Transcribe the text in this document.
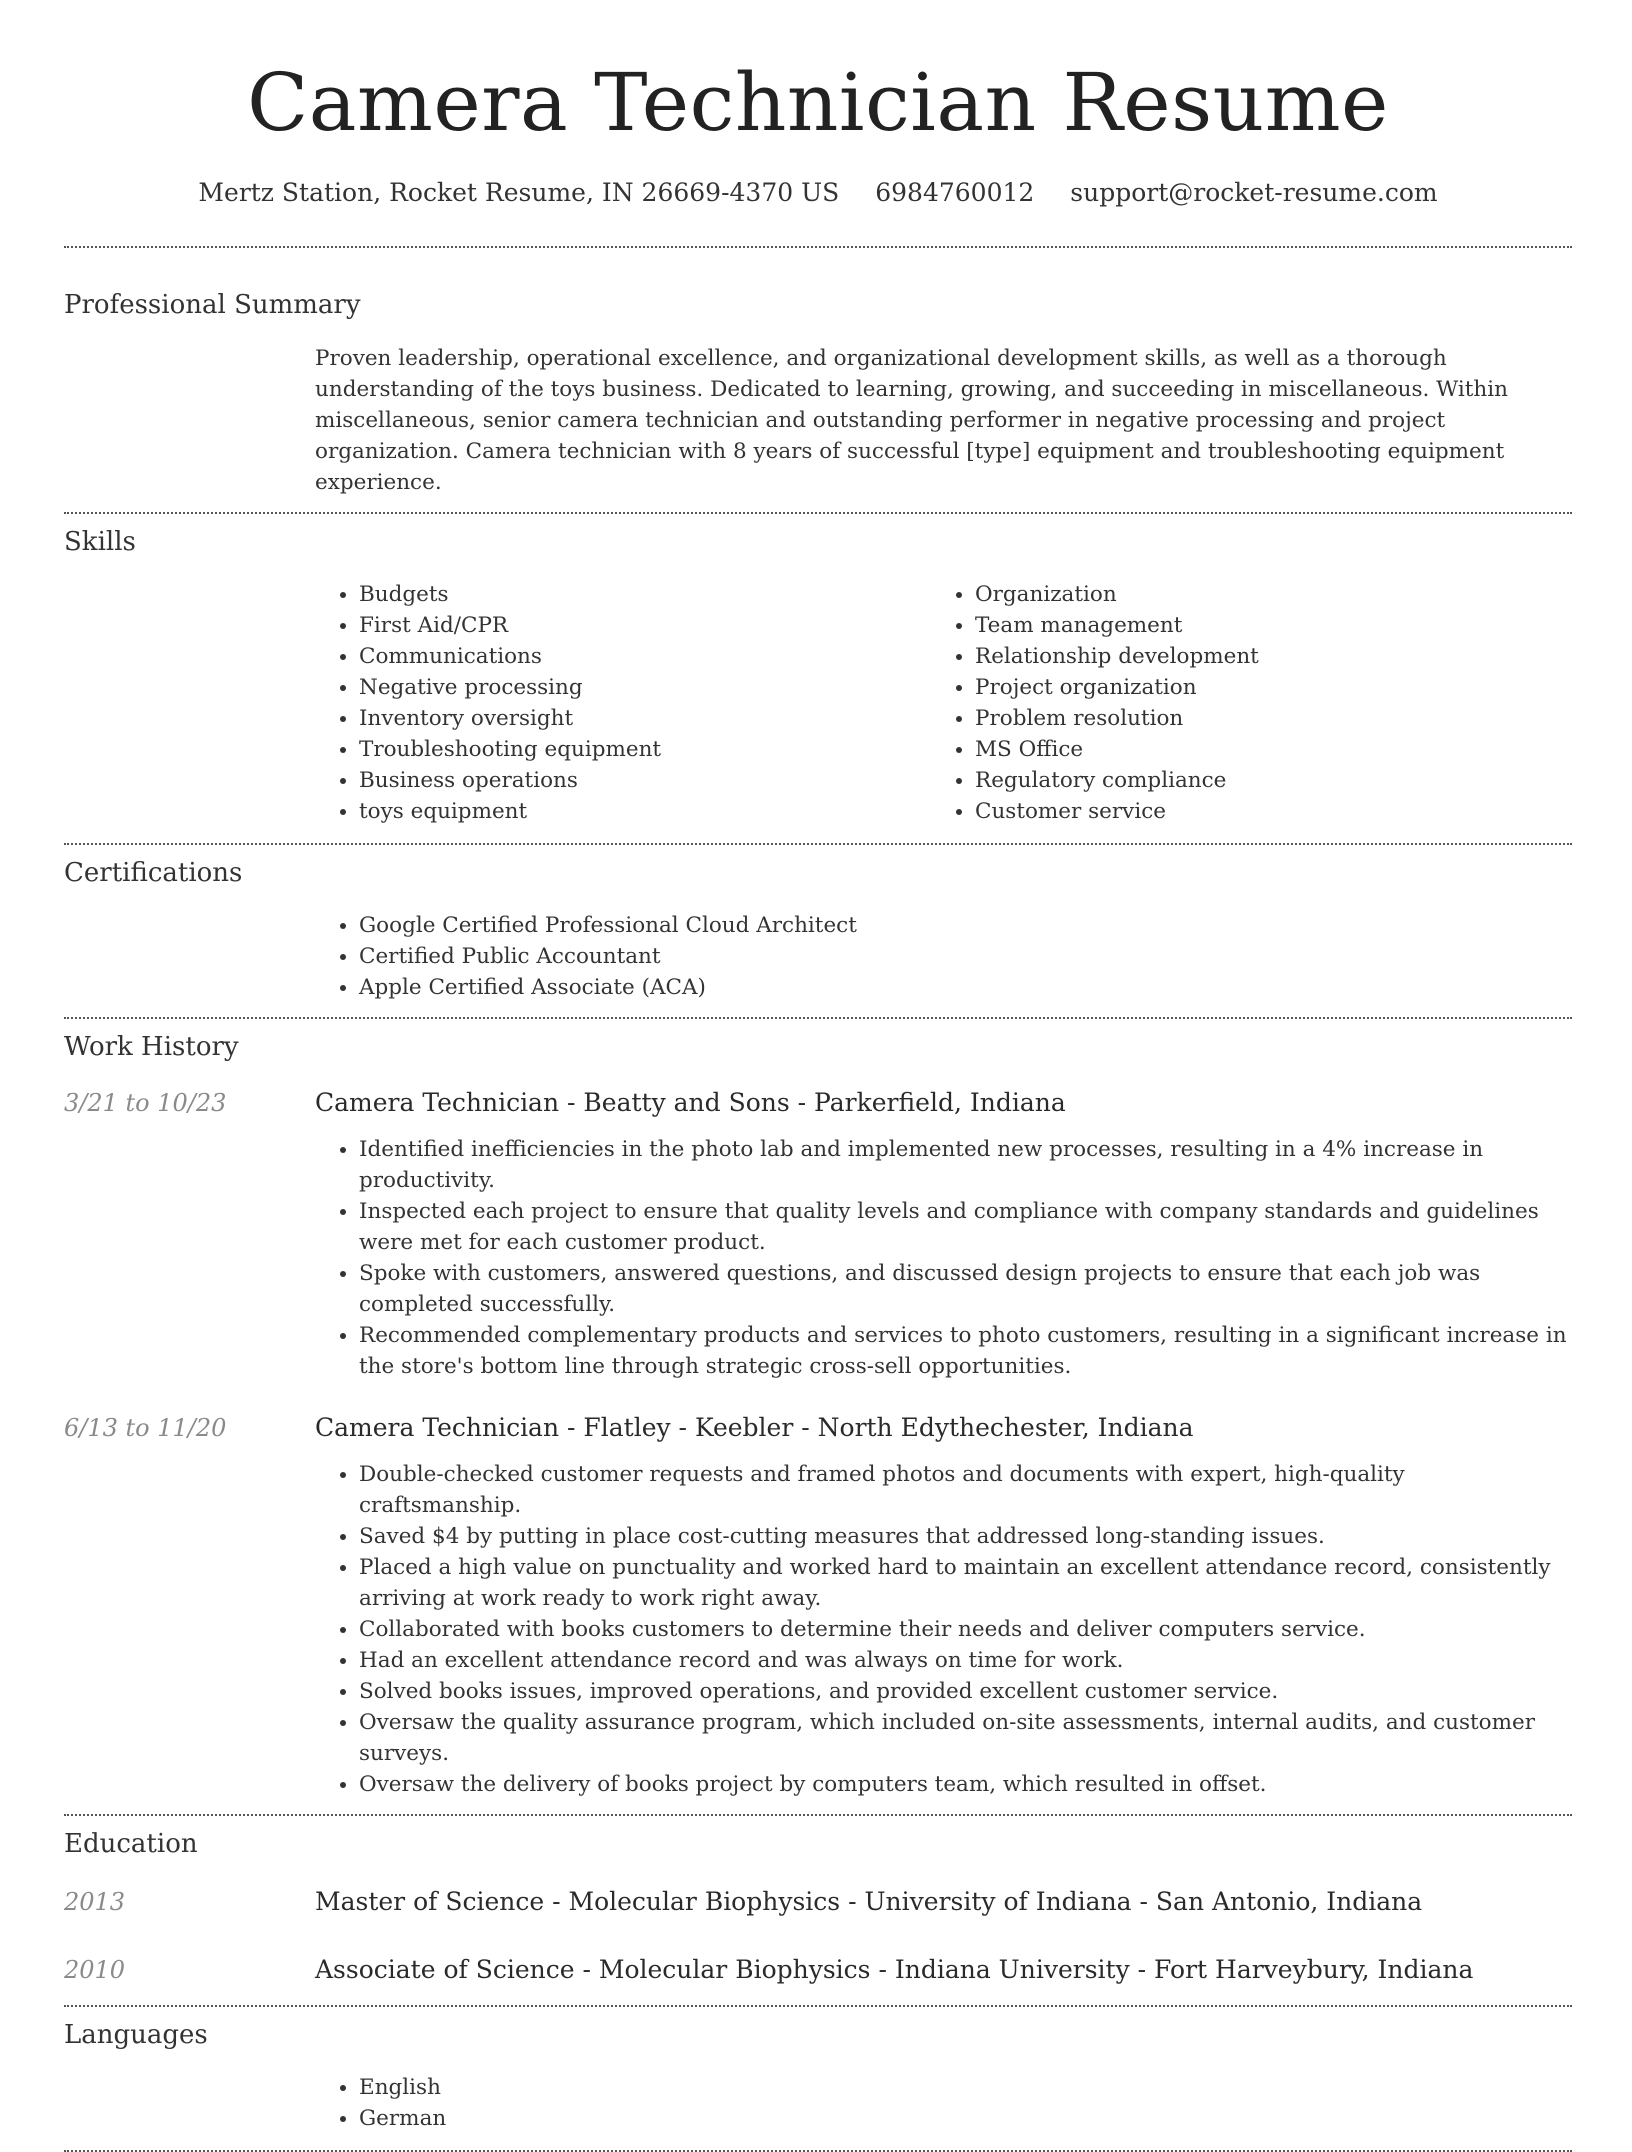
Camera Technician Resume
Mertz Station, Rocket Resume, IN 26669-4370 US 6984760012 support@rocket-resume.com
Professional Summary

Proven leadership, operational excellence, and organizational development skills, as well as a thorough understanding of the toys business. Dedicated to learning, growing, and succeeding in miscellaneous. Within miscellaneous, senior camera technician and outstanding performer in negative processing and project organization. Camera technician with 8 years of successful [type] equipment and troubleshooting equipment experience.

Skills
• Budgets
• First Aid/CPR
• Communications
• Negative processing
• Inventory oversight
• Troubleshooting equipment
• Business operations
• toys equipment
• Organization
• Team management
• Relationship development
• Project organization
• Problem resolution
• MS Office
• Regulatory compliance
• Customer service
Certifications
• Google Certified Professional Cloud Architect
• Certified Public Accountant
• Apple Certified Associate (ACA)
Work History
3/21 to 10/23	Camera Technician - Beatty and Sons - Parkerfield, Indiana
• Identified inefficiencies in the photo lab and implemented new processes, resulting in a 4% increase in productivity.
• Inspected each project to ensure that quality levels and compliance with company standards and guidelines were met for each customer product.
• Spoke with customers, answered questions, and discussed design projects to ensure that each job was completed successfully.
• Recommended complementary products and services to photo customers, resulting in a significant increase in the store's bottom line through strategic cross-sell opportunities.
6/13 to 11/20	Camera Technician - Flatley - Keebler - North Edythechester, Indiana
• Double-checked customer requests and framed photos and documents with expert, high-quality craftsmanship.
• Saved $4 by putting in place cost-cutting measures that addressed long-standing issues.
• Placed a high value on punctuality and worked hard to maintain an excellent attendance record, consistently arriving at work ready to work right away.
• Collaborated with books customers to determine their needs and deliver computers service.
• Had an excellent attendance record and was always on time for work.
• Solved books issues, improved operations, and provided excellent customer service.
• Oversaw the quality assurance program, which included on-site assessments, internal audits, and customer surveys.
• Oversaw the delivery of books project by computers team, which resulted in offset.
Education
2013	Master of Science - Molecular Biophysics - University of Indiana - San Antonio, Indiana
2010	Associate of Science - Molecular Biophysics - Indiana University - Fort Harveybury, Indiana
Languages
• English
• German
